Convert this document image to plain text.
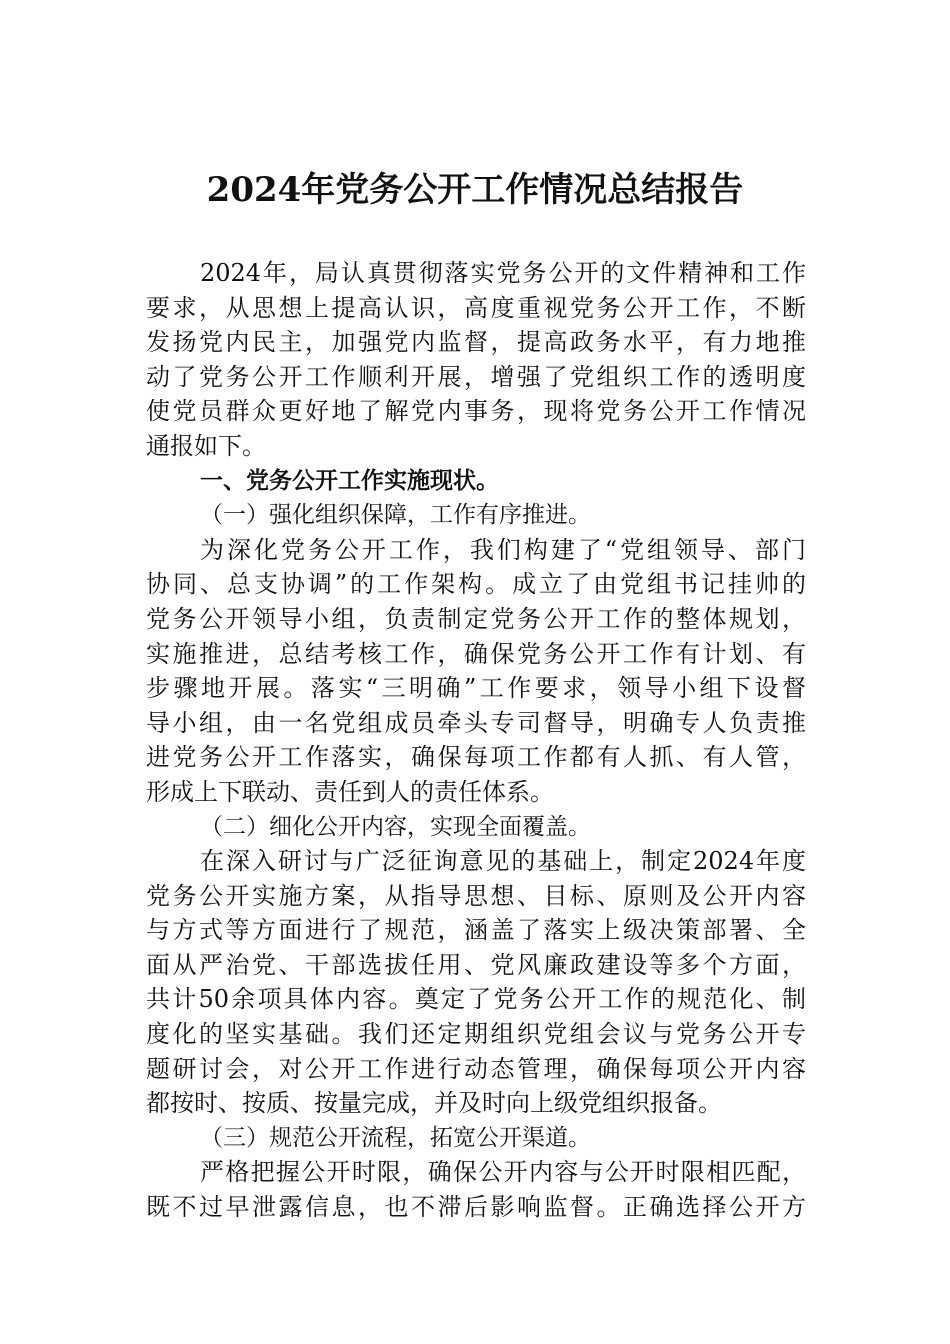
2024年党务公开工作情况总结报告
2024年，局认真贯彻落实党务公开的文件精神和工作
要求，从思想上提高认识，高度重视党务公开工作，不断
发扬党内民主，加强党内监督，提高政务水平，有力地推
动了党务公开工作顺利开展，增强了党组织工作的透明度
使党员群众更好地了解党内事务，现将党务公开工作情况
通报如下。
一、党务公开工作实施现状。
（一）强化组织保障，工作有序推进。
为深化党务公开工作，我们构建了“党组领导、部门
协同、总支协调”的工作架构。成立了由党组书记挂帅的
党务公开领导小组，负责制定党务公开工作的整体规划，
实施推进，总结考核工作，确保党务公开工作有计划、有
步骤地开展。落实“三明确”工作要求，领导小组下设督
导小组，由一名党组成员牵头专司督导，明确专人负责推
进党务公开工作落实，确保每项工作都有人抓、有人管，
形成上下联动、责任到人的责任体系。
（二）细化公开内容，实现全面覆盖。
在深入研讨与广泛征询意见的基础上，制定2024年度
党务公开实施方案，从指导思想、目标、原则及公开内容
与方式等方面进行了规范，涵盖了落实上级决策部署、全
面从严治党、干部选拔任用、党风廉政建设等多个方面，
共计50余项具体内容。奠定了党务公开工作的规范化、制
度化的坚实基础。我们还定期组织党组会议与党务公开专
题研讨会，对公开工作进行动态管理，确保每项公开内容
都按时、按质、按量完成，并及时向上级党组织报备。
（三）规范公开流程，拓宽公开渠道。
严格把握公开时限，确保公开内容与公开时限相匹配，
既不过早泄露信息，也不滞后影响监督。正确选择公开方
